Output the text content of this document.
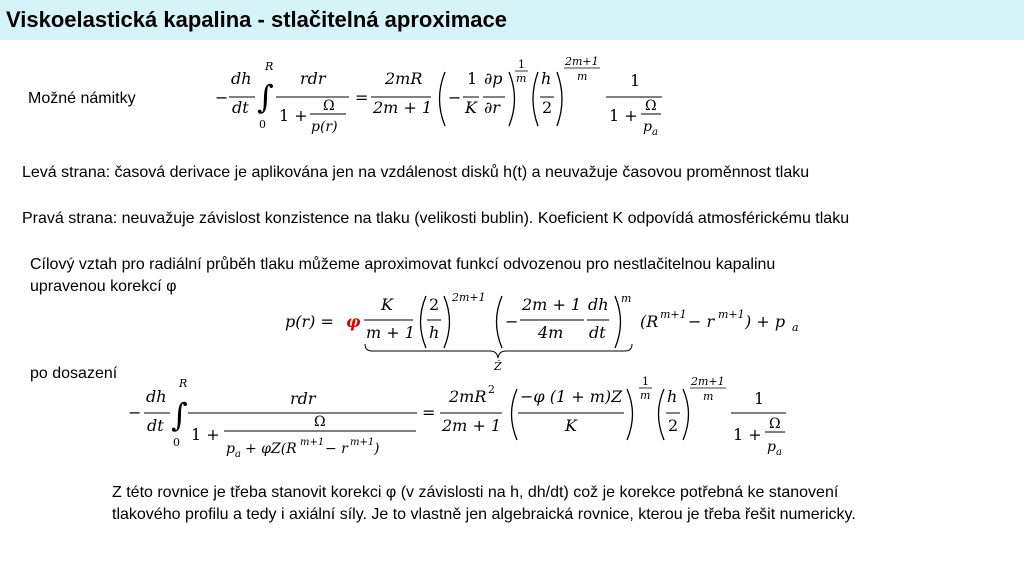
Viskoelastická kapalina - stlačitelná aproximace
Možné námitky
Levá strana: časová derivace je aplikována jen na vzdálenost disků h(t) a neuvažuje časovou proměnnost tlaku
Pravá strana: neuvažuje závislost konzistence na tlaku (velikosti bublin). Koeficient K odpovídá atmosférickému tlaku
Cílový vztah pro radiální průběh tlaku můžeme aproximovat funkcí odvozenou pro nestlačitelnou kapalinu
upravenou korekcí φ
po dosazení
Z této rovnice je třeba stanovit korekci φ (v závislosti na h, dh/dt) což je korekce potřebná ke stanovení
tlakového profilu a tedy i axiální síly. Je to vlastně jen algebraická rovnice, kterou je třeba řešit numericky.
−
dh
dt ∫
R
0
rdr
1 + Ω
p(r)
=
2mR
2m + 1
−
1
K
∂p
∂r
1
m h
2
2m+1
m	1
1 + Ω
p a
p(r) = φ
K
m + 1
2
h
2m+1
−
2m + 1
4m
dh
dt
m
Ż
(R m+1 − r m+1 ) + p a
−
dh
dt ∫
R
0
rdr
1 +
Ω
p a + φZ(R m+1 − r m+1 )
=
2mR 2
2m + 1
−φ (1 + m)Z
K
1
m h
2
2m+1
m	1
1 +
Ω
p a
